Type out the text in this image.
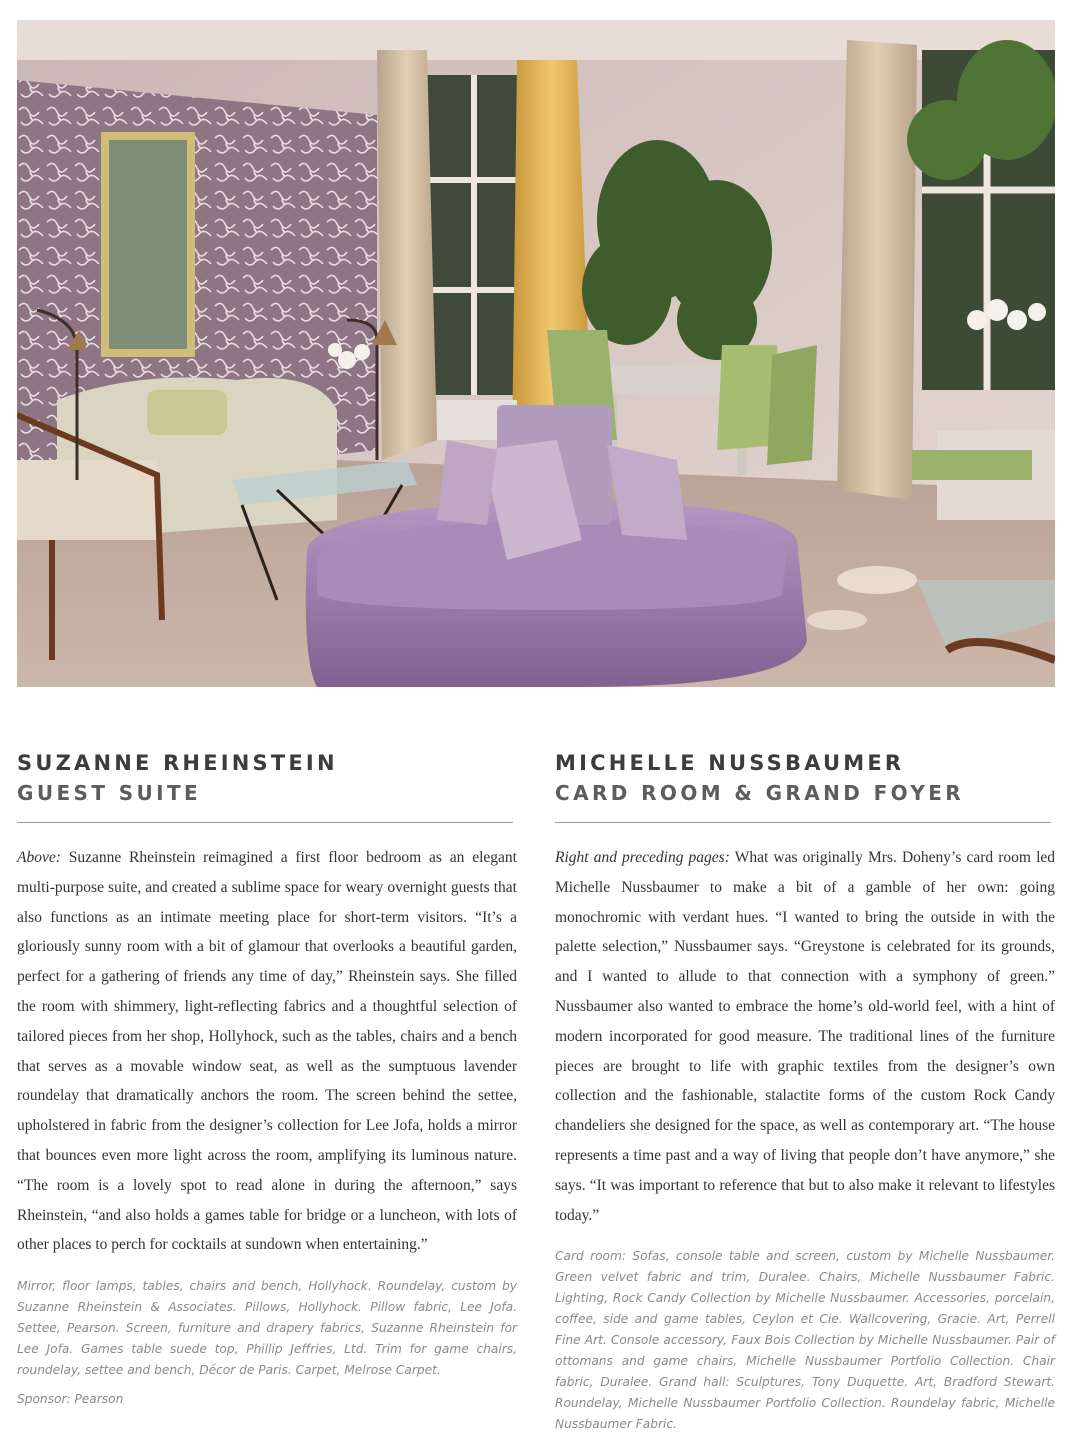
SUZANNE RHEINSTEIN
GUEST SUITE

Above: Suzanne Rheinstein reimagined a first floor bedroom as an elegant multi-purpose suite, and created a sublime space for weary overnight guests that also functions as an intimate meeting place for short-term visitors. “It’s a gloriously sunny room with a bit of glamour that overlooks a beautiful garden, perfect for a gathering of friends any time of day,” Rheinstein says. She filled the room with shimmery, light-reflecting fabrics and a thoughtful selection of tailored pieces from her shop, Hollyhock, such as the tables, chairs and a bench that serves as a movable window seat, as well as the sumptuous lavender roundelay that dramatically anchors the room. The screen behind the settee, upholstered in fabric from the designer’s collection for Lee Jofa, holds a mirror that bounces even more light across the room, amplifying its luminous nature. “The room is a lovely spot to read alone in during the afternoon,” says Rheinstein, “and also holds a games table for bridge or a luncheon, with lots of other places to perch for cocktails at sundown when entertaining.”

Mirror, floor lamps, tables, chairs and bench, Hollyhock. Roundelay, custom by Suzanne Rheinstein & Associates. Pillows, Hollyhock. Pillow fabric, Lee Jofa. Settee, Pearson. Screen, furniture and drapery fabrics, Suzanne Rheinstein for Lee Jofa. Games table suede top, Phillip Jeffries, Ltd. Trim for game chairs, roundelay, settee and bench, Décor de Paris. Carpet, Melrose Carpet.
Sponsor: Pearson
MICHELLE NUSSBAUMER
CARD ROOM & GRAND FOYER

Right and preceding pages: What was originally Mrs. Doheny’s card room led Michelle Nussbaumer to make a bit of a gamble of her own: going monochromic with verdant hues. “I wanted to bring the outside in with the palette selection,” Nussbaumer says. “Greystone is celebrated for its grounds, and I wanted to allude to that connection with a symphony of green.” Nussbaumer also wanted to embrace the home’s old-world feel, with a hint of modern incorporated for good measure. The traditional lines of the furniture pieces are brought to life with graphic textiles from the designer’s own collection and the fashionable, stalactite forms of the custom Rock Candy chandeliers she designed for the space, as well as contemporary art. “The house represents a time past and a way of living that people don’t have anymore,” she says. “It was important to reference that but to also make it relevant to lifestyles today.”

Card room: Sofas, console table and screen, custom by Michelle Nussbaumer. Green velvet fabric and trim, Duralee. Chairs, Michelle Nussbaumer Fabric. Lighting, Rock Candy Collection by Michelle Nussbaumer. Accessories, porcelain, coffee, side and game tables, Ceylon et Cie. Wallcovering, Gracie. Art, Perrell Fine Art. Console accessory, Faux Bois Collection by Michelle Nussbaumer. Pair of ottomans and game chairs, Michelle Nussbaumer Portfolio Collection. Chair fabric, Duralee. Grand hall: Sculptures, Tony Duquette. Art, Bradford Stewart. Roundelay, Michelle Nussbaumer Portfolio Collection. Roundelay fabric, Michelle Nussbaumer Fabric.
